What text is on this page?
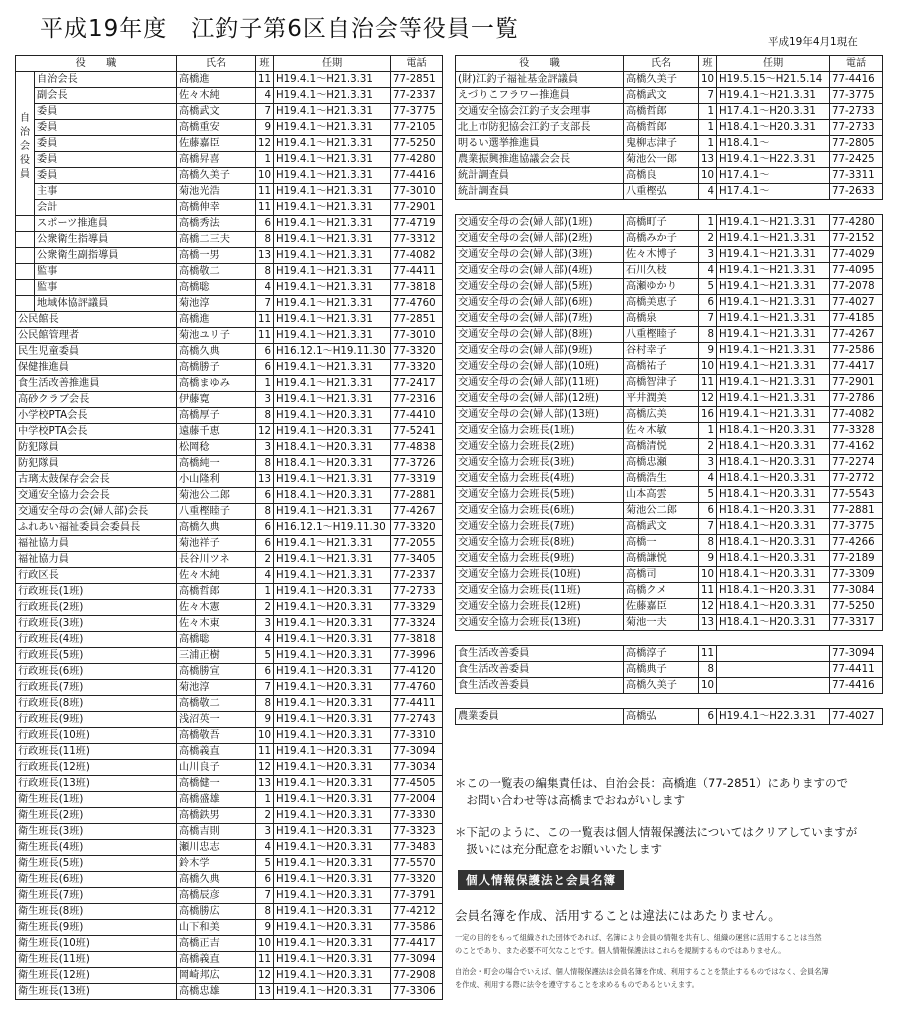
平成19年度　江釣子第6区自治会等役員一覧	平成19年4月1現在
役　　職		氏名	班	任期	電話
自治会役員	自治会長	高橋進	11	H19.4.1～H21.3.31	77-2851
	副会長	佐々木純	4	H19.4.1～H21.3.31	77-2337
	委員	高橋武文	7	H19.4.1～H21.3.31	77-3775
	委員	高橋重安	9	H19.4.1～H21.3.31	77-2105
	委員	佐藤嘉臣	12	H19.4.1～H21.3.31	77-5250
	委員	高橋昇喜	1	H19.4.1～H21.3.31	77-4280
	委員	高橋久美子	10	H19.4.1～H21.3.31	77-4416
	主事	菊池光浩	11	H19.4.1～H21.3.31	77-3010
	会計	高橋伸幸	11	H19.4.1～H21.3.31	77-2901
	スポーツ推進員	高橋秀法	6	H19.4.1～H21.3.31	77-4719
	公衆衛生指導員	高橋二三夫	8	H19.4.1～H21.3.31	77-3312
	公衆衛生副指導員	高橋一男	13	H19.4.1～H21.3.31	77-4082
	監事	高橋敬二	8	H19.4.1～H21.3.31	77-4411
	監事	高橋聡	4	H19.4.1～H21.3.31	77-3818
	地域体協評議員	菊池淳	7	H19.4.1～H21.3.31	77-4760
公民館長		高橋進	11	H19.4.1～H21.3.31	77-2851
公民館管理者		菊池ユリ子	11	H19.4.1～H21.3.31	77-3010
民生児童委員		高橋久典	6	H16.12.1～H19.11.30	77-3320
保健推進員		高橋勝子	6	H19.4.1～H21.3.31	77-3320
食生活改善推進員		高橋まゆみ	1	H19.4.1～H21.3.31	77-2417
高砂クラブ会長		伊藤寛	3	H19.4.1～H21.3.31	77-2316
小学校PTA会長		高橋厚子	8	H19.4.1～H20.3.31	77-4410
中学校PTA会長		遠藤千恵	12	H19.4.1～H20.3.31	77-5241
防犯隊員		松岡稔	3	H18.4.1～H20.3.31	77-4838
防犯隊員		高橋純一	8	H18.4.1～H20.3.31	77-3726
古璃太鼓保存会会長		小山隆利	13	H19.4.1～H21.3.31	77-3319
交通安全協力会会長		菊池公二郎	6	H18.4.1～H20.3.31	77-2881
交通安全母の会(婦人部)会長		八重樫睦子	8	H19.4.1～H21.3.31	77-4267
ふれあい福祉委員会委員長		高橋久典	6	H16.12.1～H19.11.30	77-3320
福祉協力員		菊池祥子	6	H19.4.1～H21.3.31	77-2055
福祉協力員		長谷川ツネ	2	H19.4.1～H21.3.31	77-3405
行政区長		佐々木純	4	H19.4.1～H21.3.31	77-2337
行政班長(1班)		高橋哲郎	1	H19.4.1～H20.3.31	77-2733
行政班長(2班)		佐々木憲	2	H19.4.1～H20.3.31	77-3329
行政班長(3班)		佐々木東	3	H19.4.1～H20.3.31	77-3324
行政班長(4班)		高橋聡	4	H19.4.1～H20.3.31	77-3818
行政班長(5班)		三浦正樹	5	H19.4.1～H20.3.31	77-3996
行政班長(6班)		高橋勝宣	6	H19.4.1～H20.3.31	77-4120
行政班長(7班)		菊池淳	7	H19.4.1～H20.3.31	77-4760
行政班長(8班)		高橋敬二	8	H19.4.1～H20.3.31	77-4411
行政班長(9班)		浅沼英一	9	H19.4.1～H20.3.31	77-2743
行政班長(10班)		高橋敬吾	10	H19.4.1～H20.3.31	77-3310
行政班長(11班)		高橋義直	11	H19.4.1～H20.3.31	77-3094
行政班長(12班)		山川良子	12	H19.4.1～H20.3.31	77-3034
行政班長(13班)		高橋健一	13	H19.4.1～H20.3.31	77-4505
衛生班長(1班)		高橋盛雄	1	H19.4.1～H20.3.31	77-2004
衛生班長(2班)		高橋鉄男	2	H19.4.1～H20.3.31	77-3330
衛生班長(3班)		高橋吉則	3	H19.4.1～H20.3.31	77-3323
衛生班長(4班)		瀬川忠志	4	H19.4.1～H20.3.31	77-3483
衛生班長(5班)		鈴木学	5	H19.4.1～H20.3.31	77-5570
衛生班長(6班)		高橋久典	6	H19.4.1～H20.3.31	77-3320
衛生班長(7班)		高橋辰彦	7	H19.4.1～H20.3.31	77-3791
衛生班長(8班)		高橋勝広	8	H19.4.1～H20.3.31	77-4212
衛生班長(9班)		山下和美	9	H19.4.1～H20.3.31	77-3586
衛生班長(10班)		高橋正吉	10	H19.4.1～H20.3.31	77-4417
衛生班長(11班)		高橋義直	11	H19.4.1～H20.3.31	77-3094
衛生班長(12班)		岡崎邦広	12	H19.4.1～H20.3.31	77-2908
衛生班長(13班)		高橋忠雄	13	H19.4.1～H20.3.31	77-3306
役　　職	氏名	班	任期	電話
(財)江釣子福祉基金評議員	高橋久美子	10	H19.5.15～H21.5.14	77-4416
えづりこフラワー推進員	高橋武文	7	H19.4.1～H21.3.31	77-3775
交通安全協会江釣子支会理事	高橋哲郎	1	H17.4.1～H20.3.31	77-2733
北上市防犯協会江釣子支部長	高橋哲郎	1	H18.4.1～H20.3.31	77-2733
明るい選挙推進員	鬼柳志津子	1	H18.4.1～	77-2805
農業振興推進協議会会長	菊池公一郎	13	H19.4.1～H22.3.31	77-2425
統計調査員	高橋良	10	H17.4.1～	77-3311
統計調査員	八重樫弘	4	H17.4.1～	77-2633

交通安全母の会(婦人部)(1班)	高橋町子	1	H19.4.1～H21.3.31	77-4280
交通安全母の会(婦人部)(2班)	高橋みか子	2	H19.4.1～H21.3.31	77-2152
交通安全母の会(婦人部)(3班)	佐々木博子	3	H19.4.1～H21.3.31	77-4029
交通安全母の会(婦人部)(4班)	石川久枝	4	H19.4.1～H21.3.31	77-4095
交通安全母の会(婦人部)(5班)	高瀬ゆかり	5	H19.4.1～H21.3.31	77-2078
交通安全母の会(婦人部)(6班)	高橋美恵子	6	H19.4.1～H21.3.31	77-4027
交通安全母の会(婦人部)(7班)	高橋泉	7	H19.4.1～H21.3.31	77-4185
交通安全母の会(婦人部)(8班)	八重樫睦子	8	H19.4.1～H21.3.31	77-4267
交通安全母の会(婦人部)(9班)	谷村幸子	9	H19.4.1～H21.3.31	77-2586
交通安全母の会(婦人部)(10班)	高橋祐子	10	H19.4.1～H21.3.31	77-4417
交通安全母の会(婦人部)(11班)	高橋智津子	11	H19.4.1～H21.3.31	77-2901
交通安全母の会(婦人部)(12班)	平井潤美	12	H19.4.1～H21.3.31	77-2786
交通安全母の会(婦人部)(13班)	高橋広美	16	H19.4.1～H21.3.31	77-4082
交通安全協力会班長(1班)	佐々木敏	1	H18.4.1～H20.3.31	77-3328
交通安全協力会班長(2班)	高橋清悦	2	H18.4.1～H20.3.31	77-4162
交通安全協力会班長(3班)	高橋忠瀬	3	H18.4.1～H20.3.31	77-2274
交通安全協力会班長(4班)	高橋浩生	4	H18.4.1～H20.3.31	77-2772
交通安全協力会班長(5班)	山本高雲	5	H18.4.1～H20.3.31	77-5543
交通安全協力会班長(6班)	菊池公二郎	6	H18.4.1～H20.3.31	77-2881
交通安全協力会班長(7班)	高橋武文	7	H18.4.1～H20.3.31	77-3775
交通安全協力会班長(8班)	高橋一	8	H18.4.1～H20.3.31	77-4266
交通安全協力会班長(9班)	高橋謙悦	9	H18.4.1～H20.3.31	77-2189
交通安全協力会班長(10班)	高橋司	10	H18.4.1～H20.3.31	77-3309
交通安全協力会班長(11班)	高橋クメ	11	H18.4.1～H20.3.31	77-3084
交通安全協力会班長(12班)	佐藤嘉臣	12	H18.4.1～H20.3.31	77-5250
交通安全協力会班長(13班)	菊池一夫	13	H18.4.1～H20.3.31	77-3317

食生活改善委員	高橋淳子	11		77-3094
食生活改善委員	高橋典子	8		77-4411
食生活改善委員	高橋久美子	10		77-4416

農業委員	高橋弘	6	H19.4.1～H22.3.31	77-4027
＊この一覧表の編集責任は、自治会長：高橋進（77-2851）にありますので
　お問い合わせ等は高橋までおねがいします
＊下記のように、この一覧表は個人情報保護法についてはクリアしていますが
　扱いには充分配意をお願いいたします
個人情報保護法と会員名簿
会員名簿を作成、活用することは違法にはあたりません。
一定の目的をもって組織された団体であれば、名簿により会員の情報を共有し、組織の運営に活用することは当然
のことであり、また必要不可欠なことです。個人情報保護法はこれらを規制するものではありません。
自治会・町会の場合でいえば、個人情報保護法は会員名簿を作成、利用することを禁止するものではなく、会員名簿
を作成、利用する際に法令を遵守することを求めるものであるといえます。
